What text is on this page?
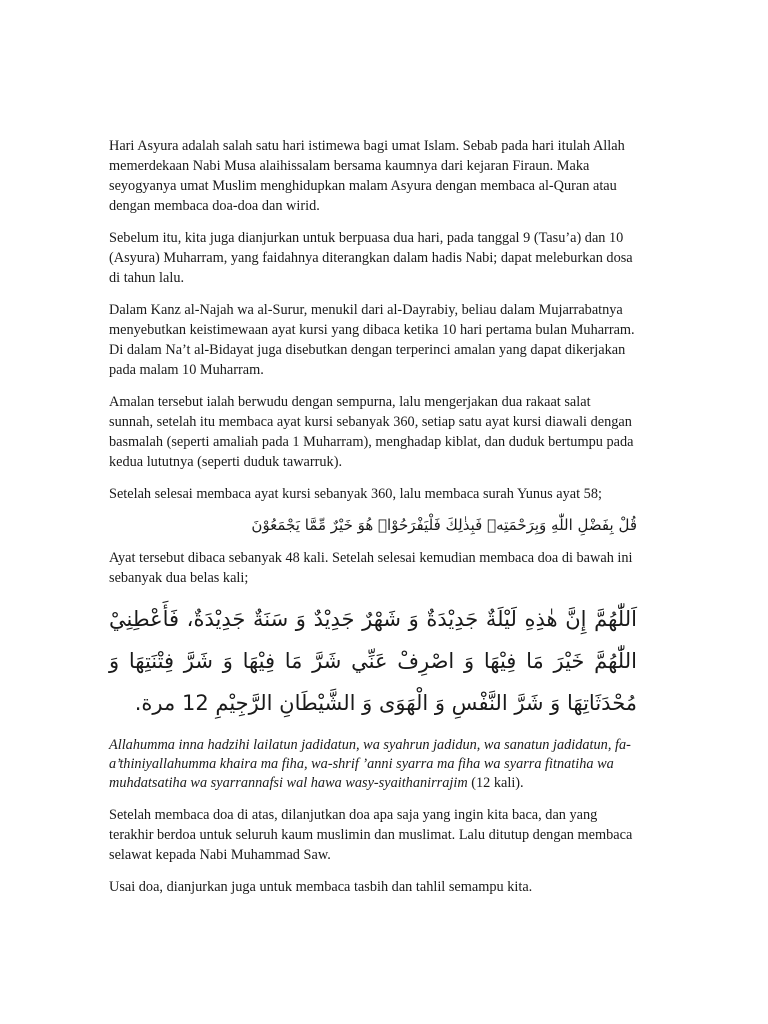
Hari Asyura adalah salah satu hari istimewa bagi umat Islam. Sebab pada hari itulah Allah memerdekaan Nabi Musa alaihissalam bersama kaumnya dari kejaran Firaun. Maka seyogyanya umat Muslim menghidupkan malam Asyura dengan membaca al-Quran atau dengan membaca doa-doa dan wirid.

Sebelum itu, kita juga dianjurkan untuk berpuasa dua hari, pada tanggal 9 (Tasu’a) dan 10 (Asyura) Muharram, yang faidahnya diterangkan dalam hadis Nabi; dapat meleburkan dosa di tahun lalu.

Dalam Kanz al-Najah wa al-Surur, menukil dari al-Dayrabiy, beliau dalam Mujarrabatnya menyebutkan keistimewaan ayat kursi yang dibaca ketika 10 hari pertama bulan Muharram. Di dalam Na’t al-Bidayat juga disebutkan dengan terperinci amalan yang dapat dikerjakan pada malam 10 Muharram.

Amalan tersebut ialah berwudu dengan sempurna, lalu mengerjakan dua rakaat salat sunnah, setelah itu membaca ayat kursi sebanyak 360, setiap satu ayat kursi diawali dengan basmalah (seperti amaliah pada 1 Muharram), menghadap kiblat, dan duduk bertumpu pada kedua lututnya (seperti duduk tawarruk).

Setelah selesai membaca ayat kursi sebanyak 360, lalu membaca surah Yunus ayat 58;

قُلْ بِفَضْلِ اللّٰهِ وَبِرَحْمَتِهٖ فَبِذٰلِكَ فَلْيَفْرَحُوْاۗ هُوَ خَيْرٌ مِّمَّا يَجْمَعُوْنَ

Ayat tersebut dibaca sebanyak 48 kali. Setelah selesai kemudian membaca doa di bawah ini sebanyak dua belas kali;

اَللّٰهُمَّ إِنَّ هٰذِهِ لَيْلَةٌ جَدِيْدَةٌ وَ شَهْرٌ جَدِيْدٌ وَ سَنَةٌ جَدِيْدَةٌ، فَأَعْطِنِيْ اللّٰهُمَّ خَيْرَ مَا فِيْهَا وَ اصْرِفْ عَنِّي شَرَّ مَا فِيْهَا وَ شَرَّ فِتْنَتِهَا وَ مُحْدَثَاتِهَا وَ شَرَّ النَّفْسِ وَ الْهَوَى وَ الشَّيْطَانِ الرَّجِيْمِ 12 مرة.

Allahumma inna hadzihi lailatun jadidatun, wa syahrun jadidun, wa sanatun jadidatun, fa-a’thiniyallahumma khaira ma fiha, wa-shrif ’anni syarra ma fiha wa syarra fitnatiha wa muhdatsatiha wa syarrannafsi wal hawa wasy-syaithanirrajim (12 kali).

Setelah membaca doa di atas, dilanjutkan doa apa saja yang ingin kita baca, dan yang terakhir berdoa untuk seluruh kaum muslimin dan muslimat. Lalu ditutup dengan membaca selawat kepada Nabi Muhammad Saw.

Usai doa, dianjurkan juga untuk membaca tasbih dan tahlil semampu kita.
